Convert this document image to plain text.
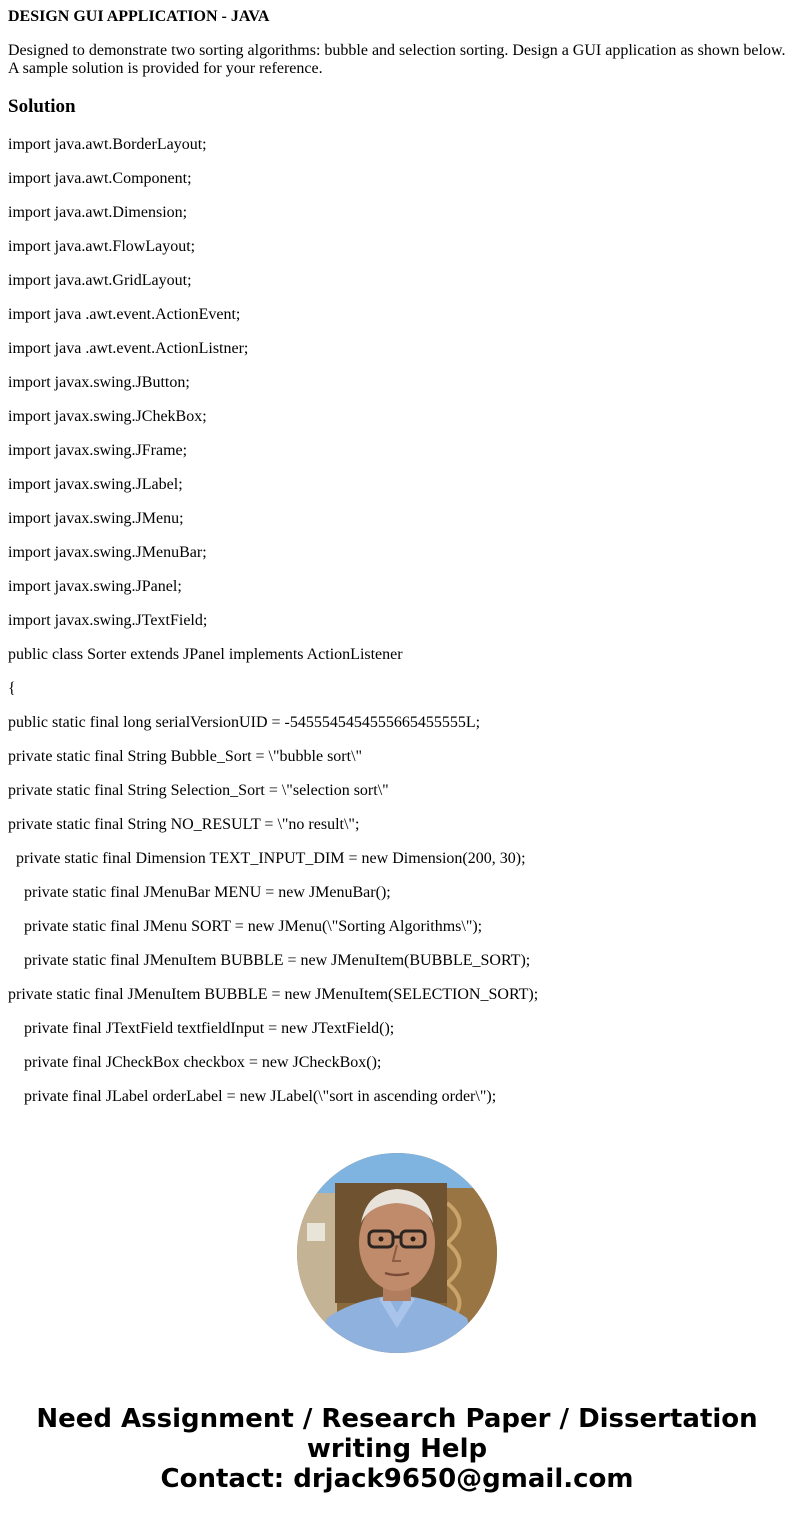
DESIGN GUI APPLICATION - JAVA
Designed to demonstrate two sorting algorithms: bubble and selection sorting. Design a GUI application as shown below. A sample solution is provided for your reference.
Solution
import java.awt.BorderLayout;
import java.awt.Component;
import java.awt.Dimension;
import java.awt.FlowLayout;
import java.awt.GridLayout;
import java .awt.event.ActionEvent;
import java .awt.event.ActionListner;
import javax.swing.JButton;
import javax.swing.JChekBox;
import javax.swing.JFrame;
import javax.swing.JLabel;
import javax.swing.JMenu;
import javax.swing.JMenuBar;
import javax.swing.JPanel;
import javax.swing.JTextField;
public class Sorter extends JPanel implements ActionListener
{
public static final long serialVersionUID = -5455545454555665455555L;
private static final String Bubble_Sort = \"bubble sort\"
private static final String Selection_Sort = \"selection sort\"
private static final String NO_RESULT = \"no result\";
private static final Dimension TEXT_INPUT_DIM = new Dimension(200, 30);
private static final JMenuBar MENU = new JMenuBar();
private static final JMenu SORT = new JMenu(\"Sorting Algorithms\");
private static final JMenuItem BUBBLE = new JMenuItem(BUBBLE_SORT);
private static final JMenuItem BUBBLE = new JMenuItem(SELECTION_SORT);
private final JTextField textfieldInput = new JTextField();
private final JCheckBox checkbox = new JCheckBox();
private final JLabel orderLabel = new JLabel(\"sort in ascending order\");
Need Assignment / Research Paper / Dissertation
writing Help
Contact: drjack9650@gmail.com
